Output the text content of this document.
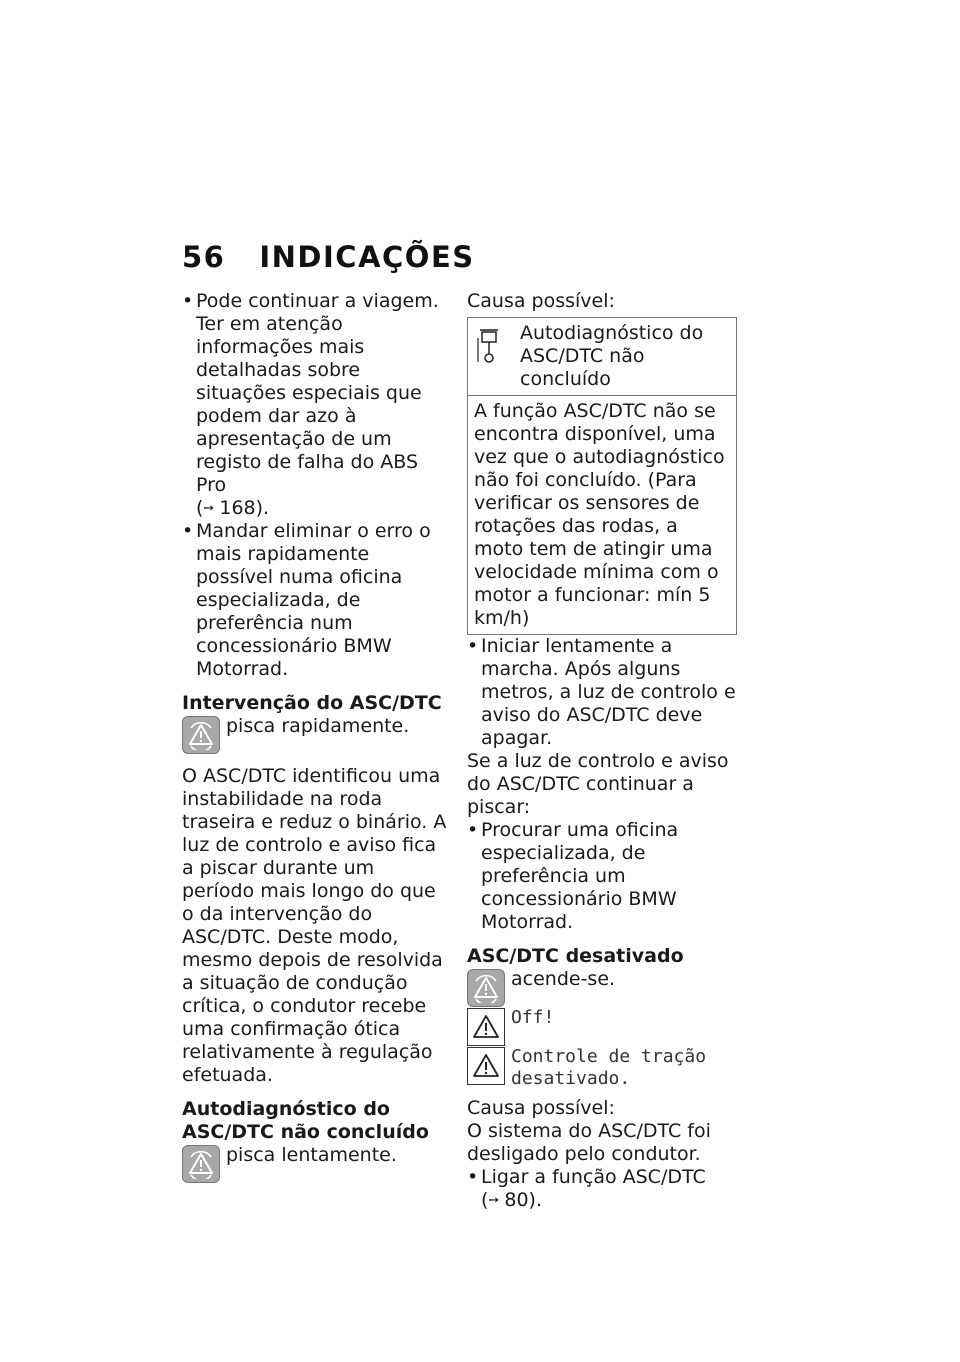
56 INDICAÇÕES

• Pode continuar a viagem. Ter em atenção informações mais detalhadas sobre situações especiais que podem dar azo à apresentação de um registo de falha do ABS Pro
(➙ 168).

• Mandar eliminar o erro o mais rapidamente possível numa oficina especializada, de preferência num concessionário BMW Motorrad.

Intervenção do ASC/DTC

pisca rapidamente.

O ASC/DTC identificou uma instabilidade na roda traseira e reduz o binário. A luz de controlo e aviso fica a piscar durante um período mais longo do que o da intervenção do ASC/DTC. Deste modo, mesmo depois de resolvida a situação de condução crítica, o condutor recebe uma confirmação ótica relativamente à regulação efetuada.

Autodiagnóstico do ASC/DTC não concluído

pisca lentamente.

Causa possível:

Autodiagnóstico do ASC/DTC não concluído

A função ASC/DTC não se encontra disponível, uma vez que o autodiagnóstico não foi concluído. (Para verificar os sensores de rotações das rodas, a moto tem de atingir uma velocidade mínima com o motor a funcionar: mín 5 km/h)

• Iniciar lentamente a marcha. Após alguns metros, a luz de controlo e aviso do ASC/DTC deve apagar.

Se a luz de controlo e aviso do ASC/DTC continuar a piscar:

• Procurar uma oficina especializada, de preferência um concessionário BMW Motorrad.

ASC/DTC desativado

acende-se.
Off!
Controle de tração desativado.

Causa possível:

O sistema do ASC/DTC foi desligado pelo condutor.

• Ligar a função ASC/DTC
(➙ 80).
